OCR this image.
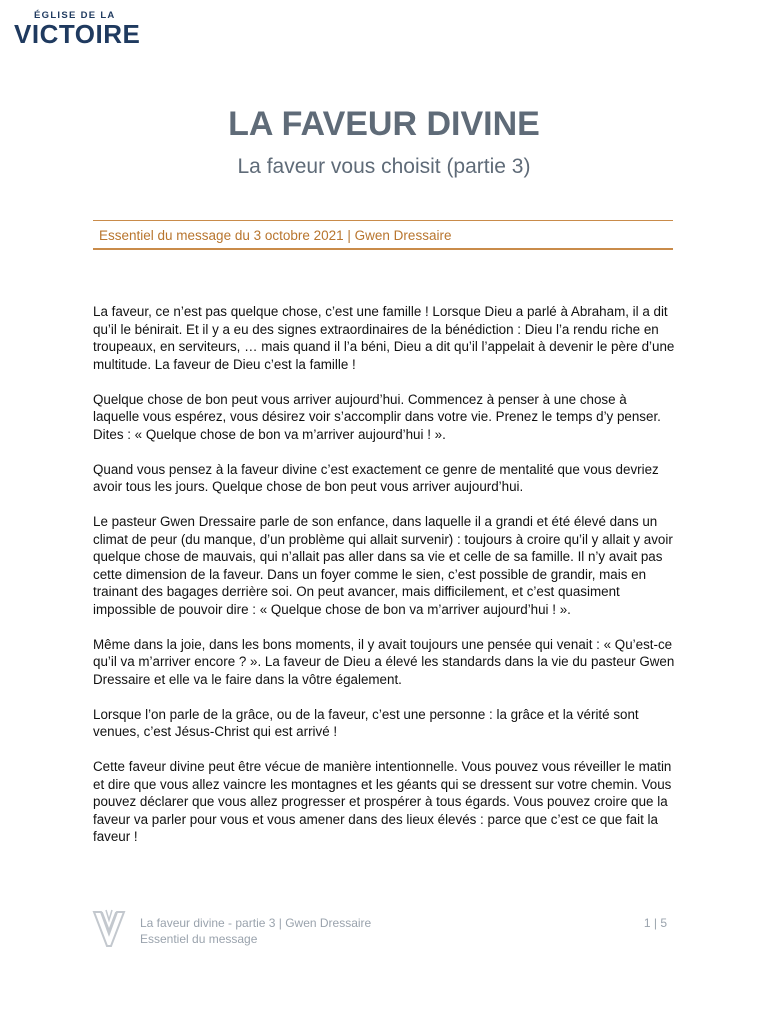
ÉGLISE DE LA
VICTOIRE
LA FAVEUR DIVINE
La faveur vous choisit (partie 3)
Essentiel du message du 3 octobre 2021 | Gwen Dressaire

La faveur, ce n’est pas quelque chose, c’est une famille ! Lorsque Dieu a parlé à Abraham, il a dit qu’il le bénirait. Et il y a eu des signes extraordinaires de la bénédiction : Dieu l’a rendu riche en troupeaux, en serviteurs, … mais quand il l’a béni, Dieu a dit qu’il l’appelait à devenir le père d’une multitude. La faveur de Dieu c’est la famille !

Quelque chose de bon peut vous arriver aujourd’hui. Commencez à penser à une chose à laquelle vous espérez, vous désirez voir s’accomplir dans votre vie. Prenez le temps d’y penser. Dites : « Quelque chose de bon va m’arriver aujourd’hui ! ».

Quand vous pensez à la faveur divine c’est exactement ce genre de mentalité que vous devriez avoir tous les jours. Quelque chose de bon peut vous arriver aujourd’hui.

Le pasteur Gwen Dressaire parle de son enfance, dans laquelle il a grandi et été élevé dans un climat de peur (du manque, d’un problème qui allait survenir) : toujours à croire qu’il y allait y avoir quelque chose de mauvais, qui n’allait pas aller dans sa vie et celle de sa famille. Il n’y avait pas cette dimension de la faveur. Dans un foyer comme le sien, c’est possible de grandir, mais en trainant des bagages derrière soi. On peut avancer, mais difficilement, et c’est quasiment impossible de pouvoir dire : « Quelque chose de bon va m’arriver aujourd’hui ! ».

Même dans la joie, dans les bons moments, il y avait toujours une pensée qui venait : « Qu’est-ce qu’il va m’arriver encore ? ». La faveur de Dieu a élevé les standards dans la vie du pasteur Gwen Dressaire et elle va le faire dans la vôtre également.

Lorsque l’on parle de la grâce, ou de la faveur, c’est une personne : la grâce et la vérité sont venues, c’est Jésus-Christ qui est arrivé !

Cette faveur divine peut être vécue de manière intentionnelle. Vous pouvez vous réveiller le matin et dire que vous allez vaincre les montagnes et les géants qui se dressent sur votre chemin. Vous pouvez déclarer que vous allez progresser et prospérer à tous égards. Vous pouvez croire que la faveur va parler pour vous et vous amener dans des lieux élevés : parce que c’est ce que fait la faveur !

La faveur divine - partie 3 | Gwen Dressaire
Essentiel du message
1 | 5
